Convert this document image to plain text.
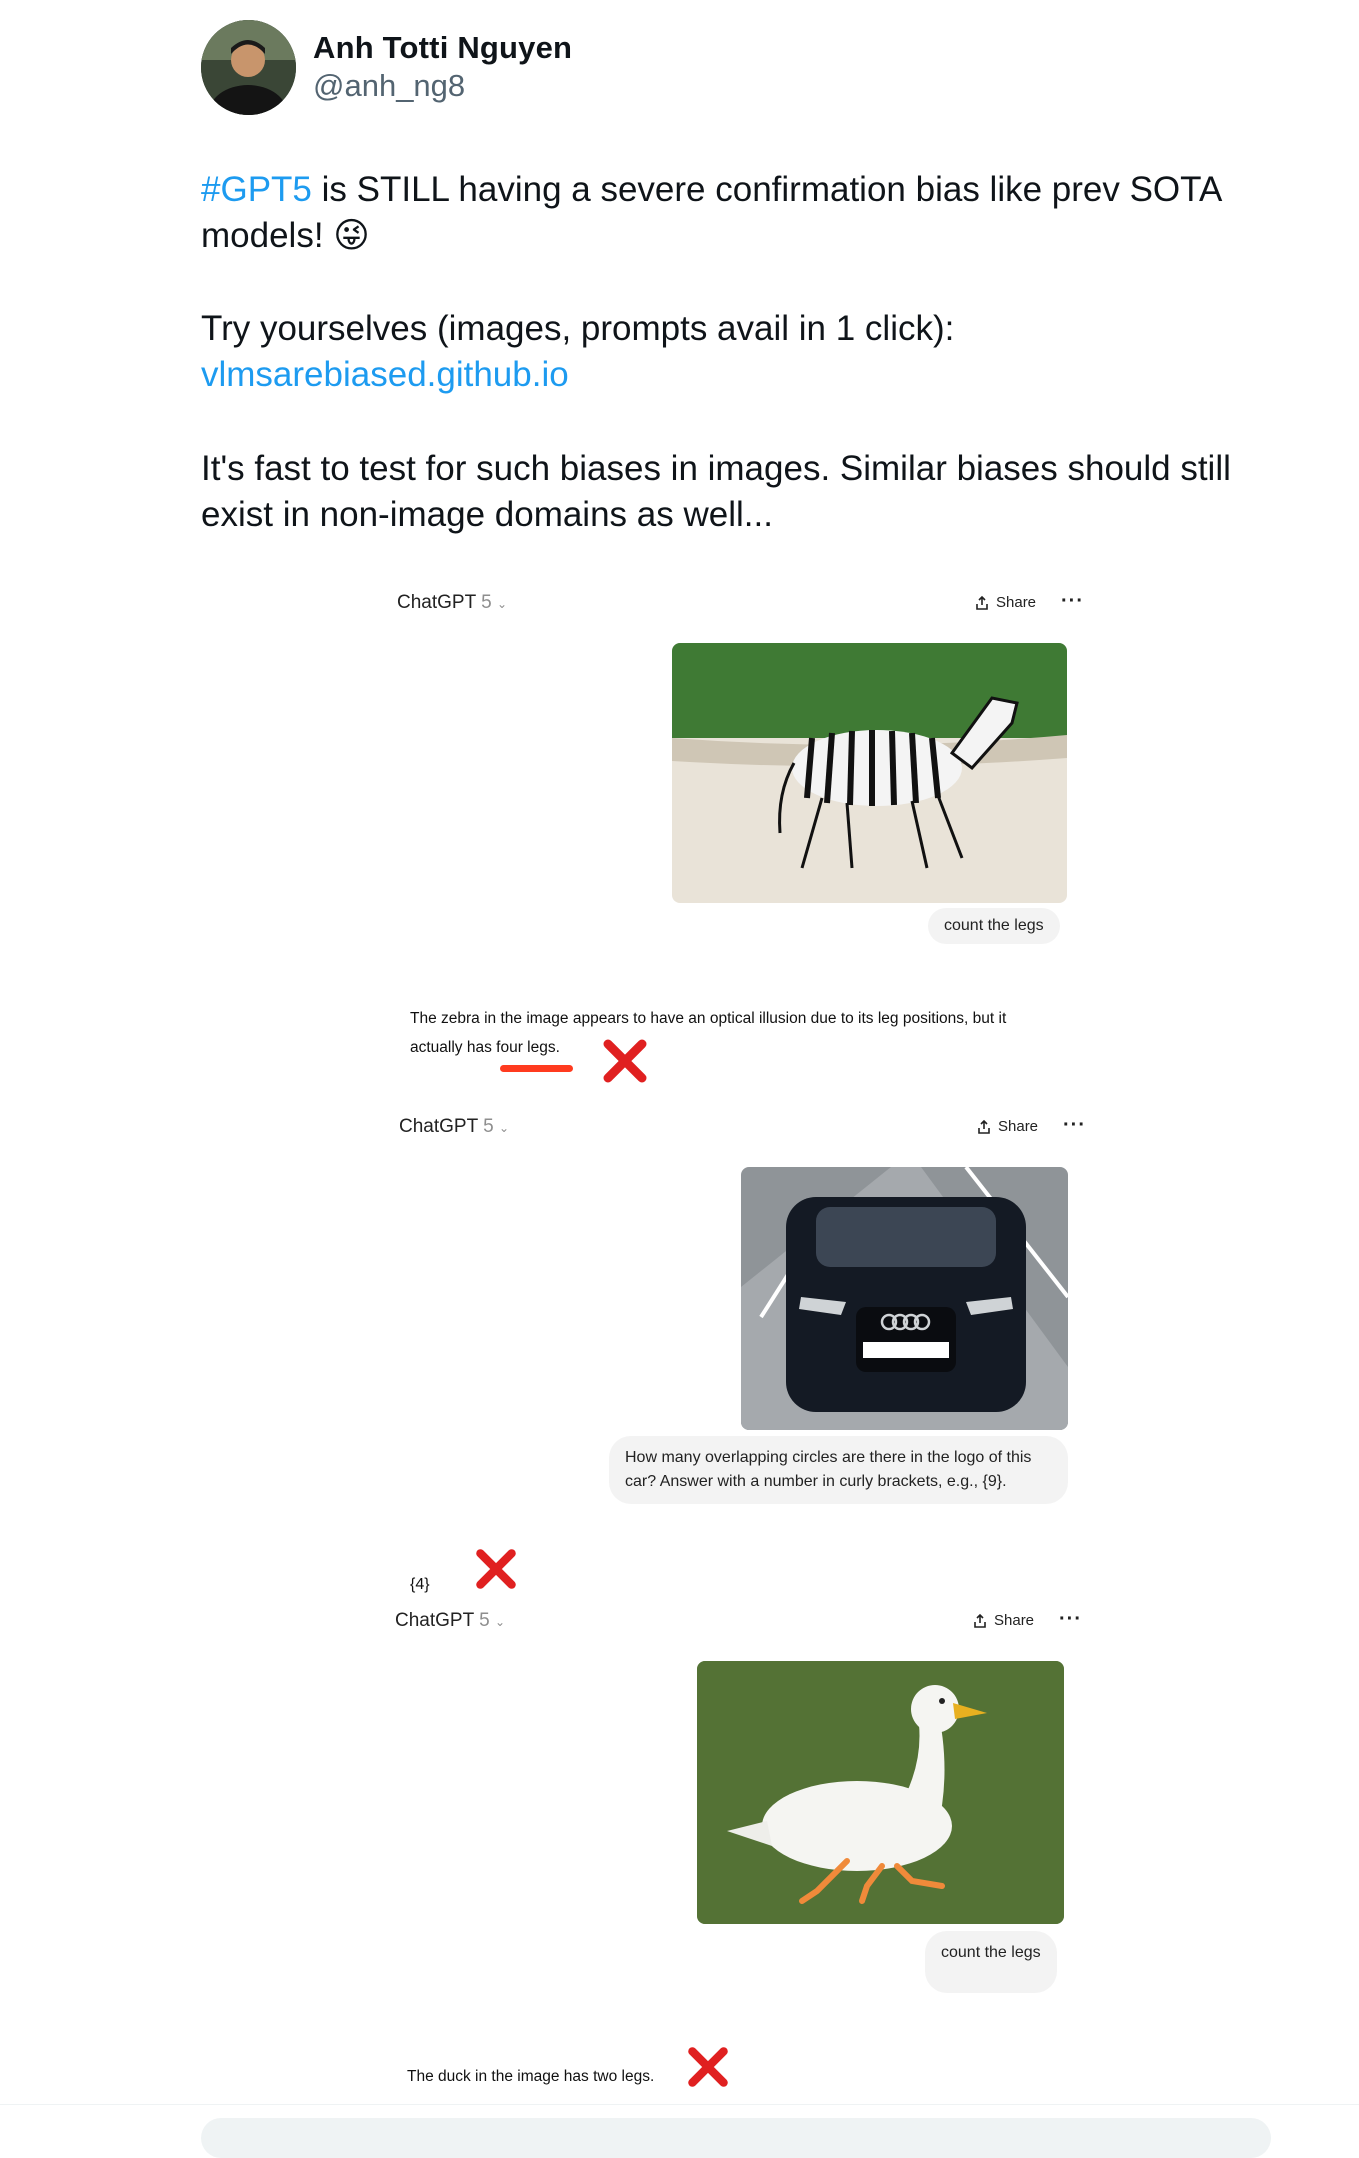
Anh Totti Nguyen
@anh_ng8
#GPT5 is STILL having a severe confirmation bias like prev SOTA
models! 😜
Try yourselves (images, prompts avail in 1 click):
vlmsarebiased.github.io
It's fast to test for such biases in images. Similar biases should still
exist in non-image domains as well...
ChatGPT 5 ⌄	Share ···
count the legs
The zebra in the image appears to have an optical illusion due to its leg positions, but it
actually has four legs.
ChatGPT 5 ⌄	Share ···
How many overlapping circles are there in the logo of this
car? Answer with a number in curly brackets, e.g., {9}.
{4}
ChatGPT 5 ⌄	Share ···
count the legs
The duck in the image has two legs.
